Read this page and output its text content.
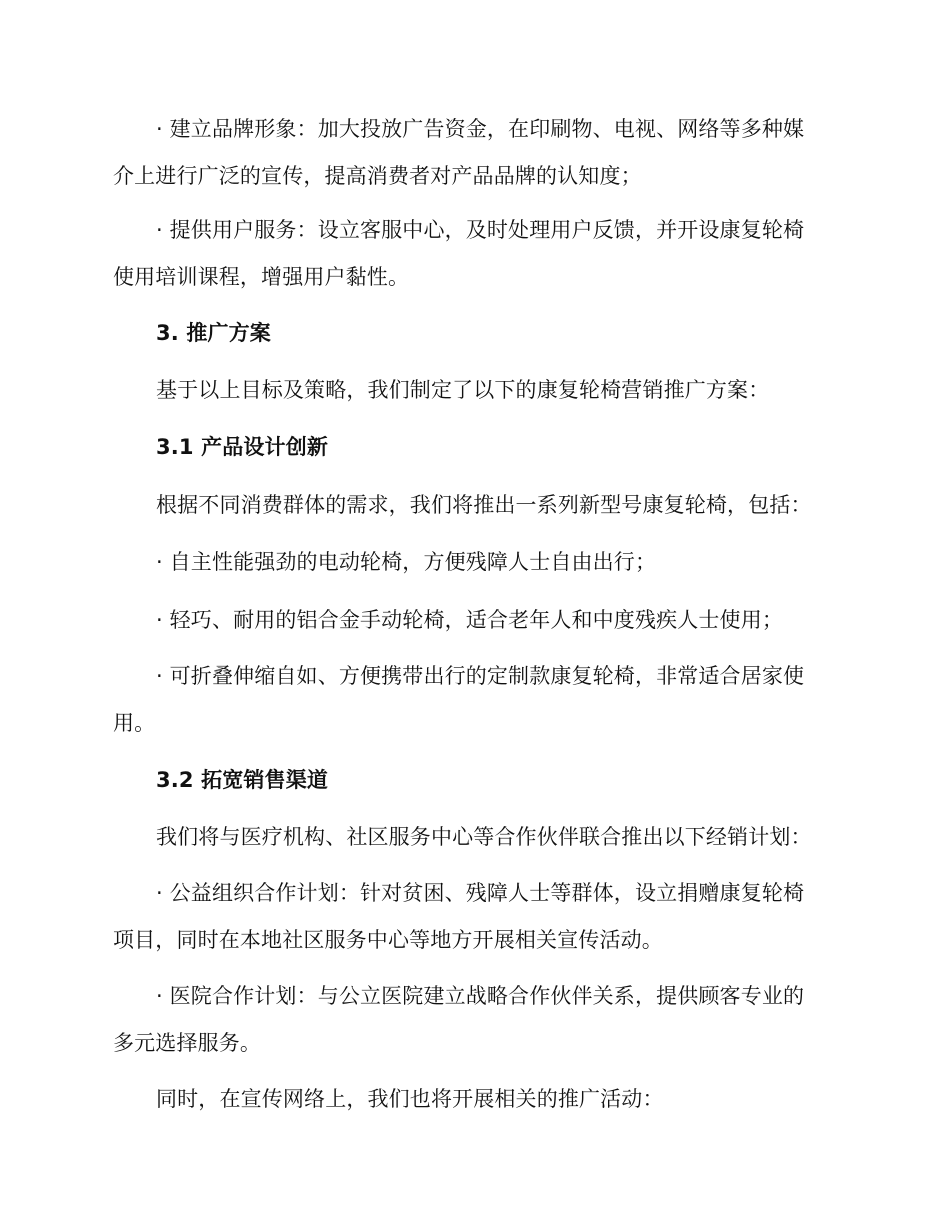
· 建立品牌形象：加大投放广告资金，在印刷物、电视、网络等多种媒介上进行广泛的宣传，提高消费者对产品品牌的认知度；

· 提供用户服务：设立客服中心，及时处理用户反馈，并开设康复轮椅使用培训课程，增强用户黏性。

3. 推广方案

基于以上目标及策略，我们制定了以下的康复轮椅营销推广方案：

3.1 产品设计创新

根据不同消费群体的需求，我们将推出一系列新型号康复轮椅，包括：

· 自主性能强劲的电动轮椅，方便残障人士自由出行；

· 轻巧、耐用的铝合金手动轮椅，适合老年人和中度残疾人士使用；

· 可折叠伸缩自如、方便携带出行的定制款康复轮椅，非常适合居家使用。

3.2 拓宽销售渠道

我们将与医疗机构、社区服务中心等合作伙伴联合推出以下经销计划：

· 公益组织合作计划：针对贫困、残障人士等群体，设立捐赠康复轮椅项目，同时在本地社区服务中心等地方开展相关宣传活动。

· 医院合作计划：与公立医院建立战略合作伙伴关系，提供顾客专业的多元选择服务。

同时，在宣传网络上，我们也将开展相关的推广活动：
